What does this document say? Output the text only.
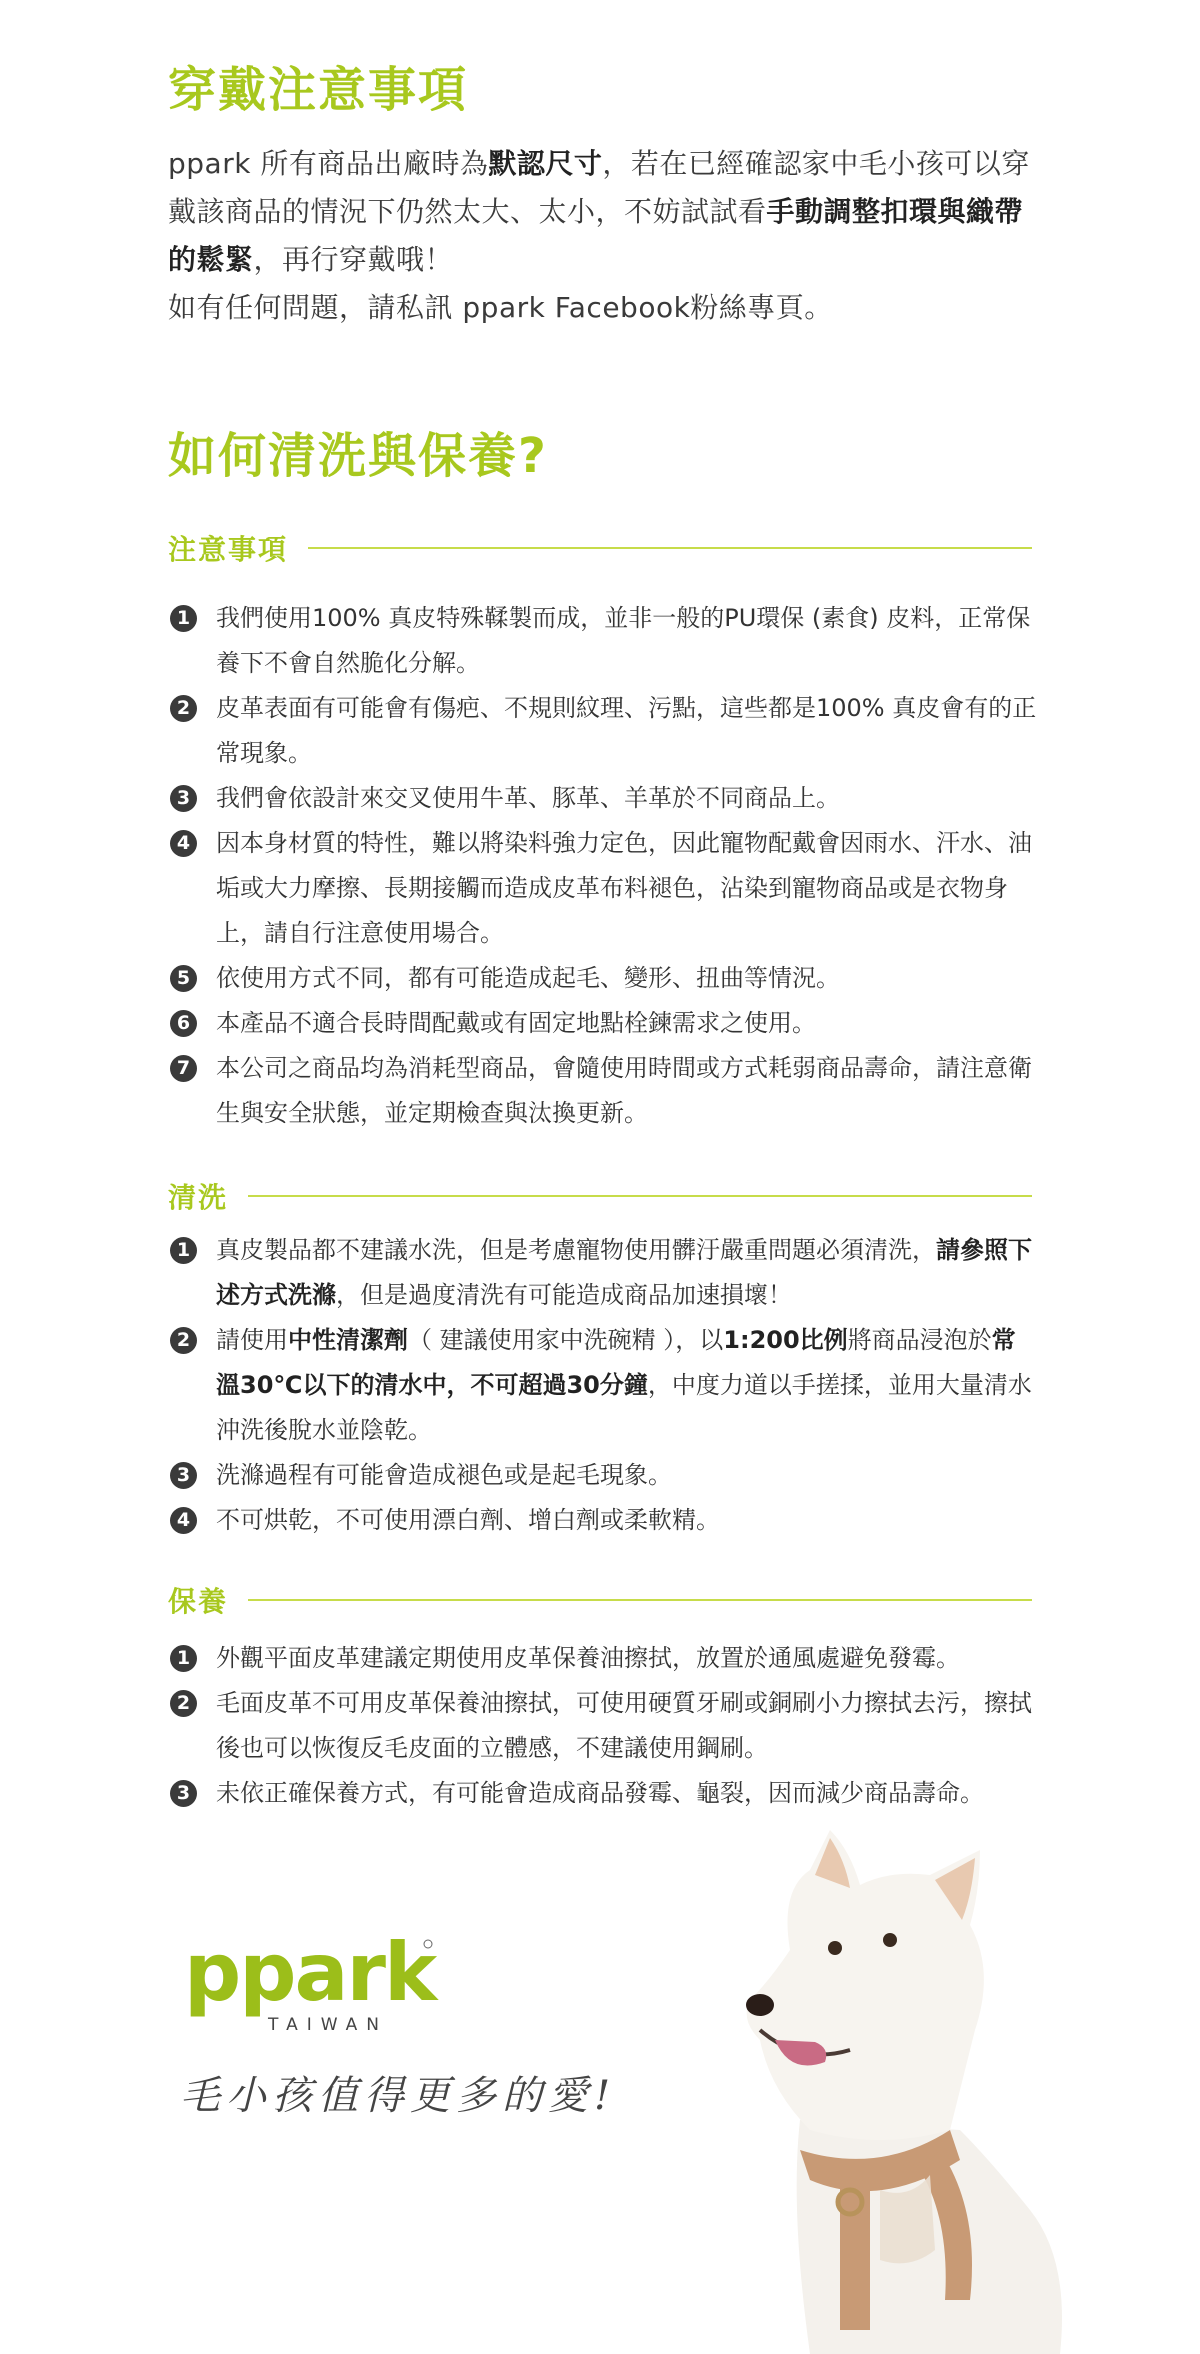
穿戴注意事項

ppark 所有商品出廠時為默認尺寸，若在已經確認家中毛小孩可以穿戴該商品的情況下仍然太大、太小，不妨試試看手動調整扣環與織帶的鬆緊，再行穿戴哦！

如有任何問題，請私訊 ppark Facebook粉絲專頁。

如何清洗與保養?
注意事項
1 我們使用100% 真皮特殊鞣製而成，並非一般的PU環保 (素食) 皮料，正常保養下不會自然脆化分解。
2 皮革表面有可能會有傷疤、不規則紋理、污點，這些都是100% 真皮會有的正常現象。
3 我們會依設計來交叉使用牛革、豚革、羊革於不同商品上。
4 因本身材質的特性，難以將染料強力定色，因此寵物配戴會因雨水、汗水、油垢或大力摩擦、長期接觸而造成皮革布料褪色，沾染到寵物商品或是衣物身上，請自行注意使用場合。
5 依使用方式不同，都有可能造成起毛、變形、扭曲等情況。
6 本產品不適合長時間配戴或有固定地點栓鍊需求之使用。
7 本公司之商品均為消耗型商品，會隨使用時間或方式耗弱商品壽命，請注意衛生與安全狀態，並定期檢查與汰換更新。
清洗
1 真皮製品都不建議水洗，但是考慮寵物使用髒汙嚴重問題必須清洗，請參照下述方式洗滌，但是過度清洗有可能造成商品加速損壞！
2 請使用中性清潔劑（ 建議使用家中洗碗精 ），以1:200比例將商品浸泡於常溫30℃以下的清水中，不可超過30分鐘，中度力道以手搓揉，並用大量清水沖洗後脫水並陰乾。
3 洗滌過程有可能會造成褪色或是起毛現象。
4 不可烘乾，不可使用漂白劑、增白劑或柔軟精。
保養
1 外觀平面皮革建議定期使用皮革保養油擦拭，放置於通風處避免發霉。
2 毛面皮革不可用皮革保養油擦拭，可使用硬質牙刷或銅刷小力擦拭去污，擦拭後也可以恢復反毛皮面的立體感，不建議使用鋼刷。
3 未依正確保養方式，有可能會造成商品發霉、龜裂，因而減少商品壽命。
ppark
TAIWAN
毛小孩值得更多的愛!
